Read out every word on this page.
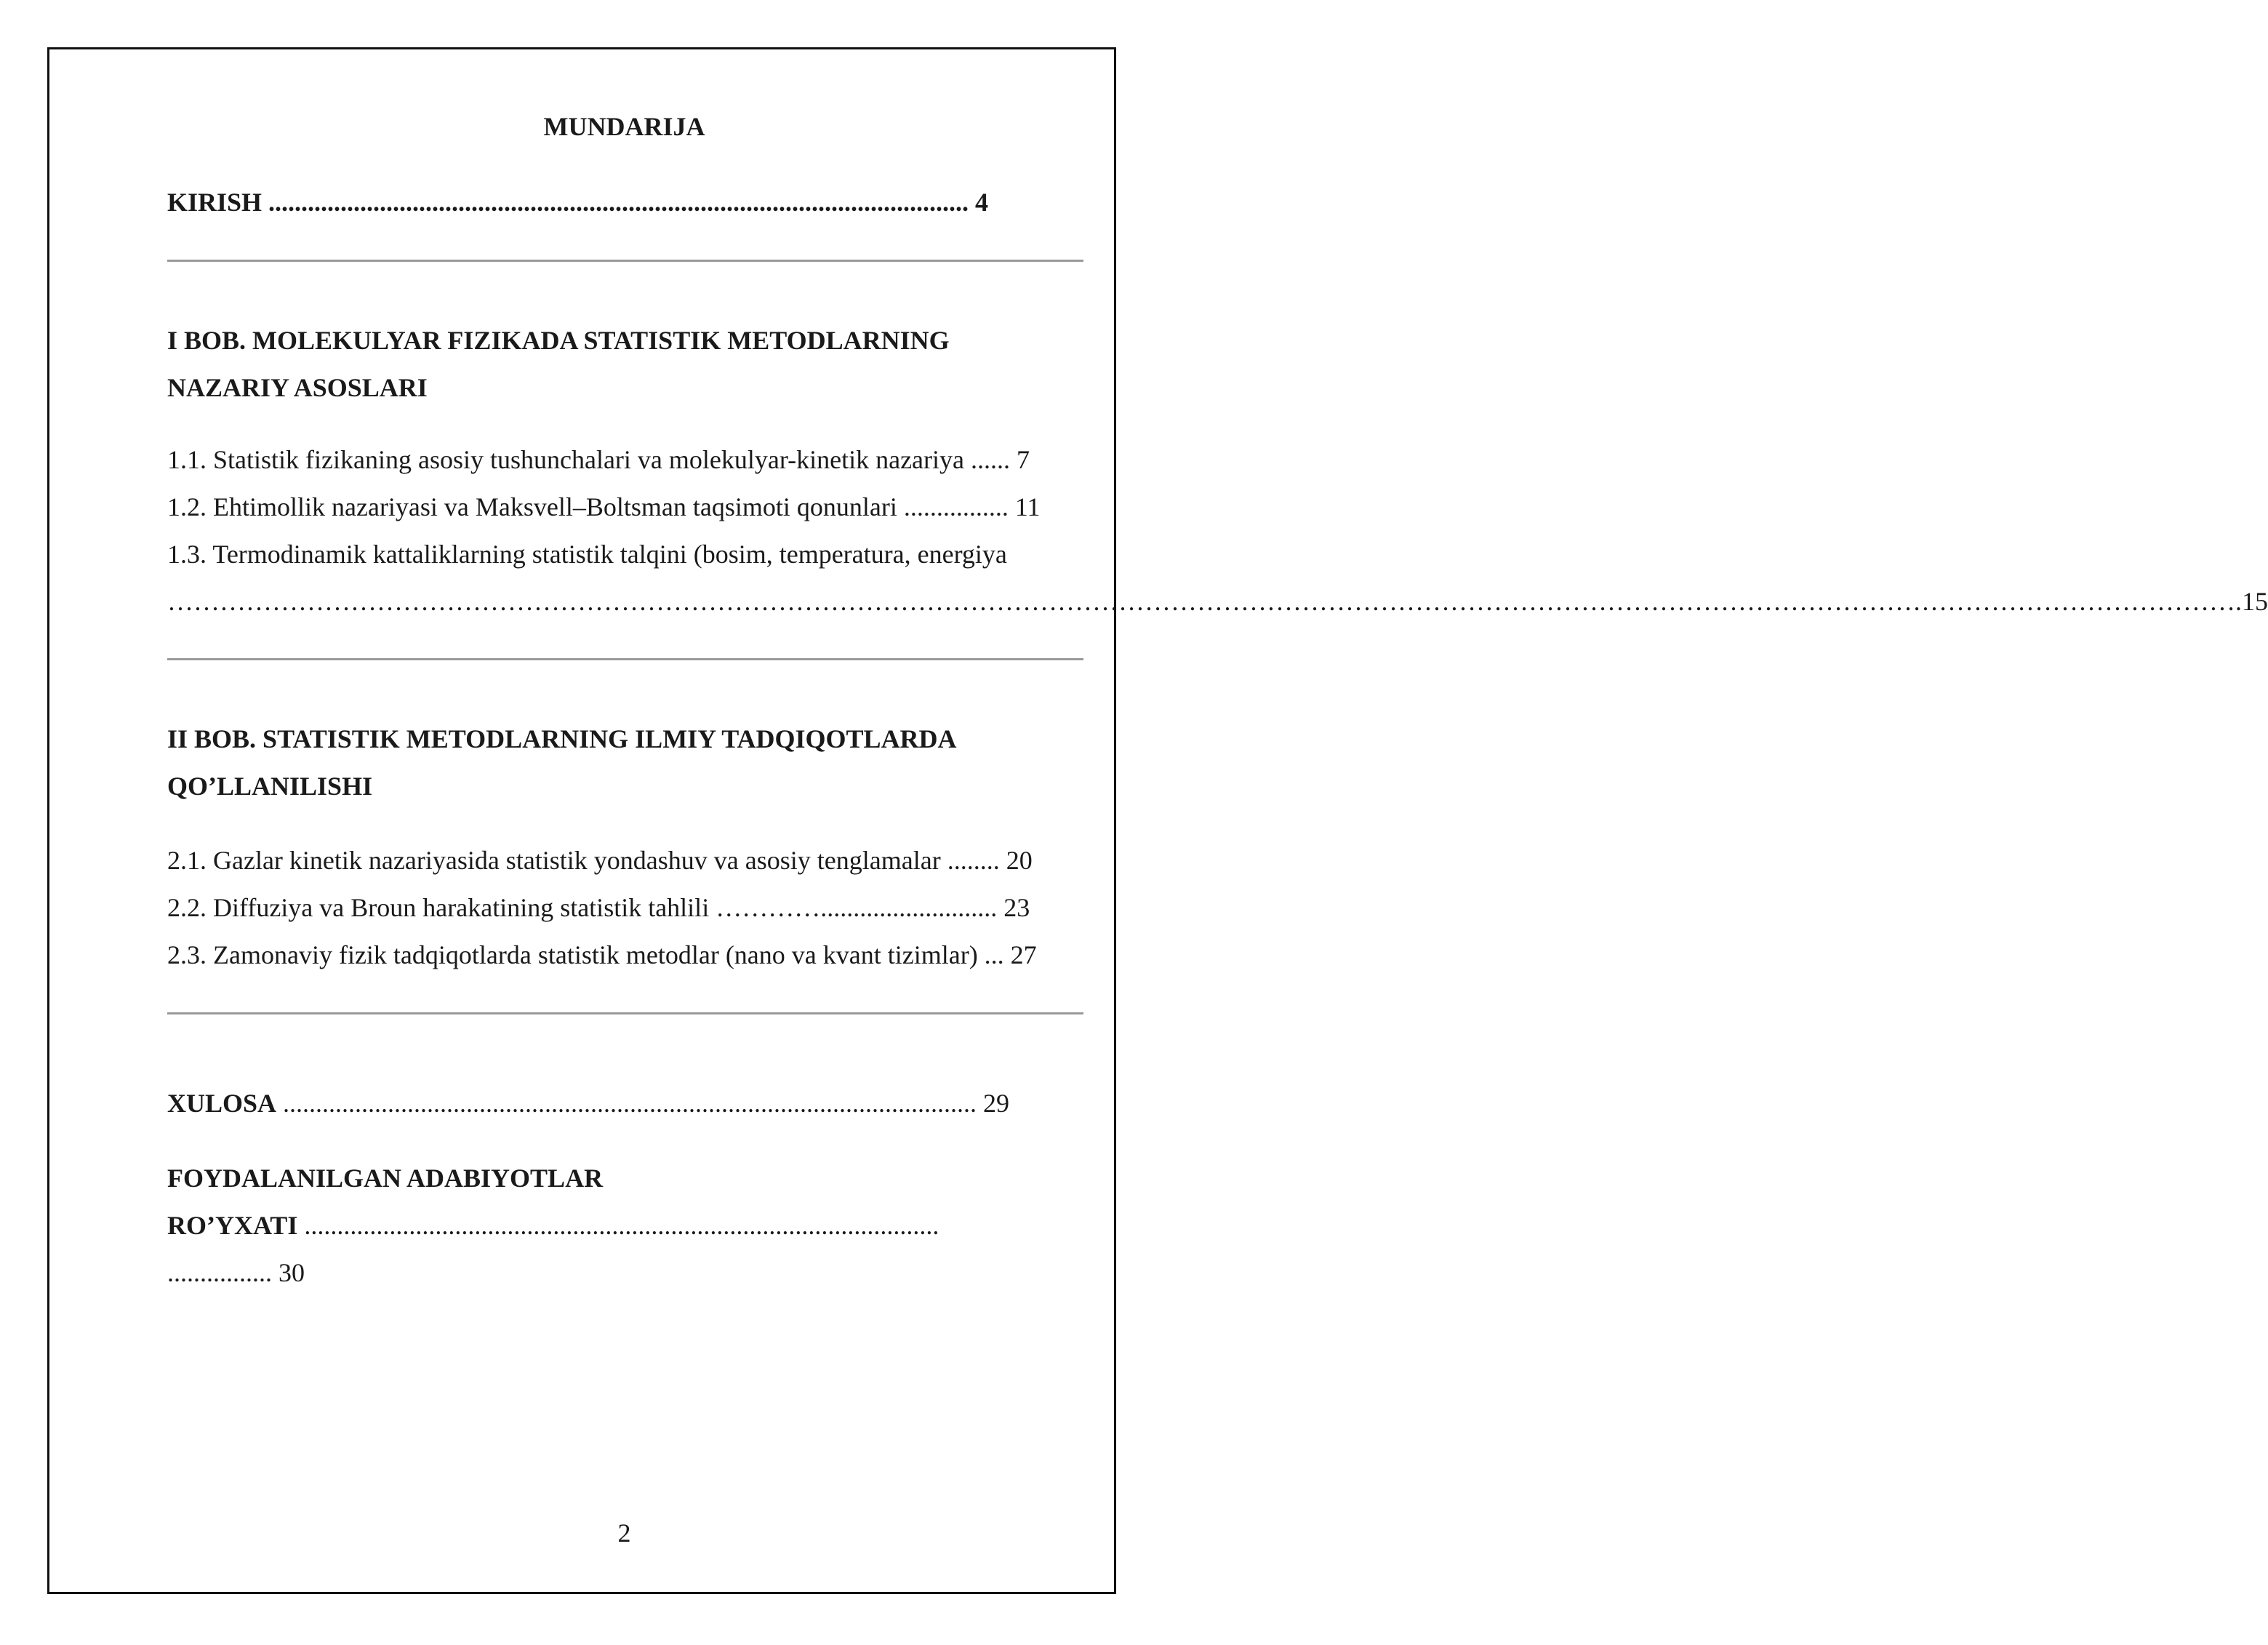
MUNDARIJA
KIRISH ........................................................................................................... 4
I BOB. MOLEKULYAR FIZIKADA STATISTIK METODLARNING
NAZARIY ASOSLARI
1.1. Statistik fizikaning asosiy tushunchalari va molekulyar-kinetik nazariya ...... 7
1.2. Ehtimollik nazariyasi va Maksvell–Boltsman taqsimoti qonunlari ................ 11
1.3. Termodinamik kattaliklarning statistik talqini (bosim, temperatura, energiya
………………………………………………………………………………………………………………………………………………………………………………………………………………….15
II BOB. STATISTIK METODLARNING ILMIY TADQIQOTLARDA
QO’LLANILISHI
2.1. Gazlar kinetik nazariyasida statistik yondashuv va asosiy tenglamalar ........ 20
2.2. Diffuziya va Broun harakatining statistik tahlili …………........................... 23
2.3. Zamonaviy fizik tadqiqotlarda statistik metodlar (nano va kvant tizimlar) ... 27
XULOSA .......................................................................................................... 29
FOYDALANILGAN ADABIYOTLAR
RO’YXATI .................................................................................................
................ 30
2
